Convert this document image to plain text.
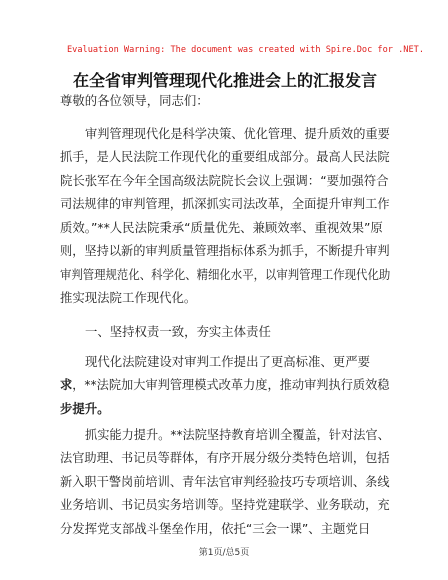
Evaluation Warning: The document was created with Spire.Doc for .NET.
在全省审判管理现代化推进会上的汇报发言
尊敬的各位领导，同志们：
审判管理现代化是科学决策、优化管理、提升质效的重要
抓手，是人民法院工作现代化的重要组成部分。最高人民法院
院长张军在今年全国高级法院院长会议上强调：“要加强符合
司法规律的审判管理，抓深抓实司法改革，全面提升审判工作
质效。”**人民法院秉承“质量优先、兼顾效率、重视效果”原
则，坚持以新的审判质量管理指标体系为抓手，不断提升审判
审判管理规范化、科学化、精细化水平，以审判管理工作现代化助
推实现法院工作现代化。
一、坚持权责一致，夯实主体责任
现代化法院建设对审判工作提出了更高标准、更严要
求，**法院加大审判管理模式改革力度，推动审判执行质效稳
步提升。
抓实能力提升。**法院坚持教育培训全覆盖，针对法官、
法官助理、书记员等群体，有序开展分级分类特色培训，包括
新入职干警岗前培训、青年法官审判经验技巧专项培训、条线
业务培训、书记员实务培训等。坚持党建联学、业务联动，充
分发挥党支部战斗堡垒作用，依托“三会一课”、主题党日
第1页/总5页
